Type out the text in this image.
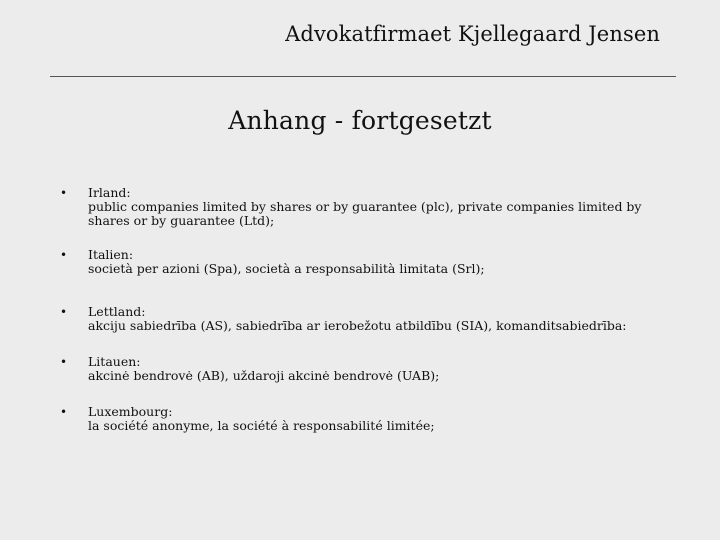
Advokatfirmaet Kjellegaard Jensen
Anhang - fortgesetzt
• Irland:
public companies limited by shares or by guarantee (plc), private companies limited by shares or by guarantee (Ltd);
• Italien:
società per azioni (Spa), società a responsabilità limitata (Srl);
• Lettland:
akciju sabiedrība (AS), sabiedrība ar ierobežotu atbildību (SIA), komanditsabiedrība:
• Litauen:
akcinė bendrovė (AB), uždaroji akcinė bendrovė (UAB);
• Luxembourg:
la société anonyme, la société à responsabilité limitée;
